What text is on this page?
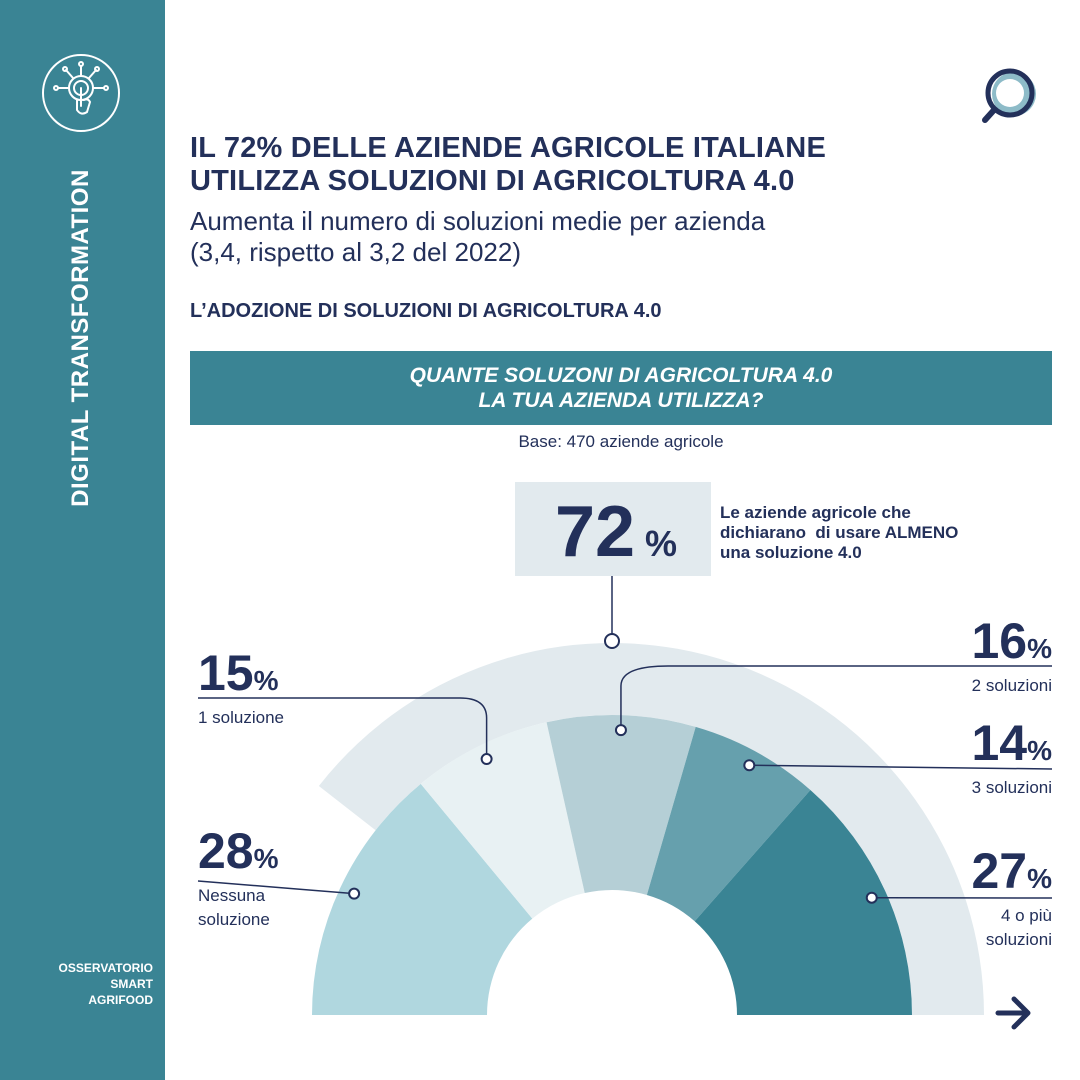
DIGITAL TRANSFORMATION
OSSERVATORIO
SMART
AGRIFOOD
IL 72% DELLE AZIENDE AGRICOLE ITALIANE
UTILIZZA SOLUZIONI DI AGRICOLTURA 4.0
Aumenta il numero di soluzioni medie per azienda
(3,4, rispetto al 3,2 del 2022)
L’ADOZIONE DI SOLUZIONI DI AGRICOLTURA 4.0
QUANTE SOLUZONI DI AGRICOLTURA 4.0
LA TUA AZIENDA UTILIZZA?
Base: 470 aziende agricole
28%
Nessuna
soluzione
15%
1 soluzione
16%
2 soluzioni
14%
3 soluzioni
27%
4 o più
soluzioni
72 %
Le aziende agricole che
dichiarano  di usare ALMENO
una soluzione 4.0
